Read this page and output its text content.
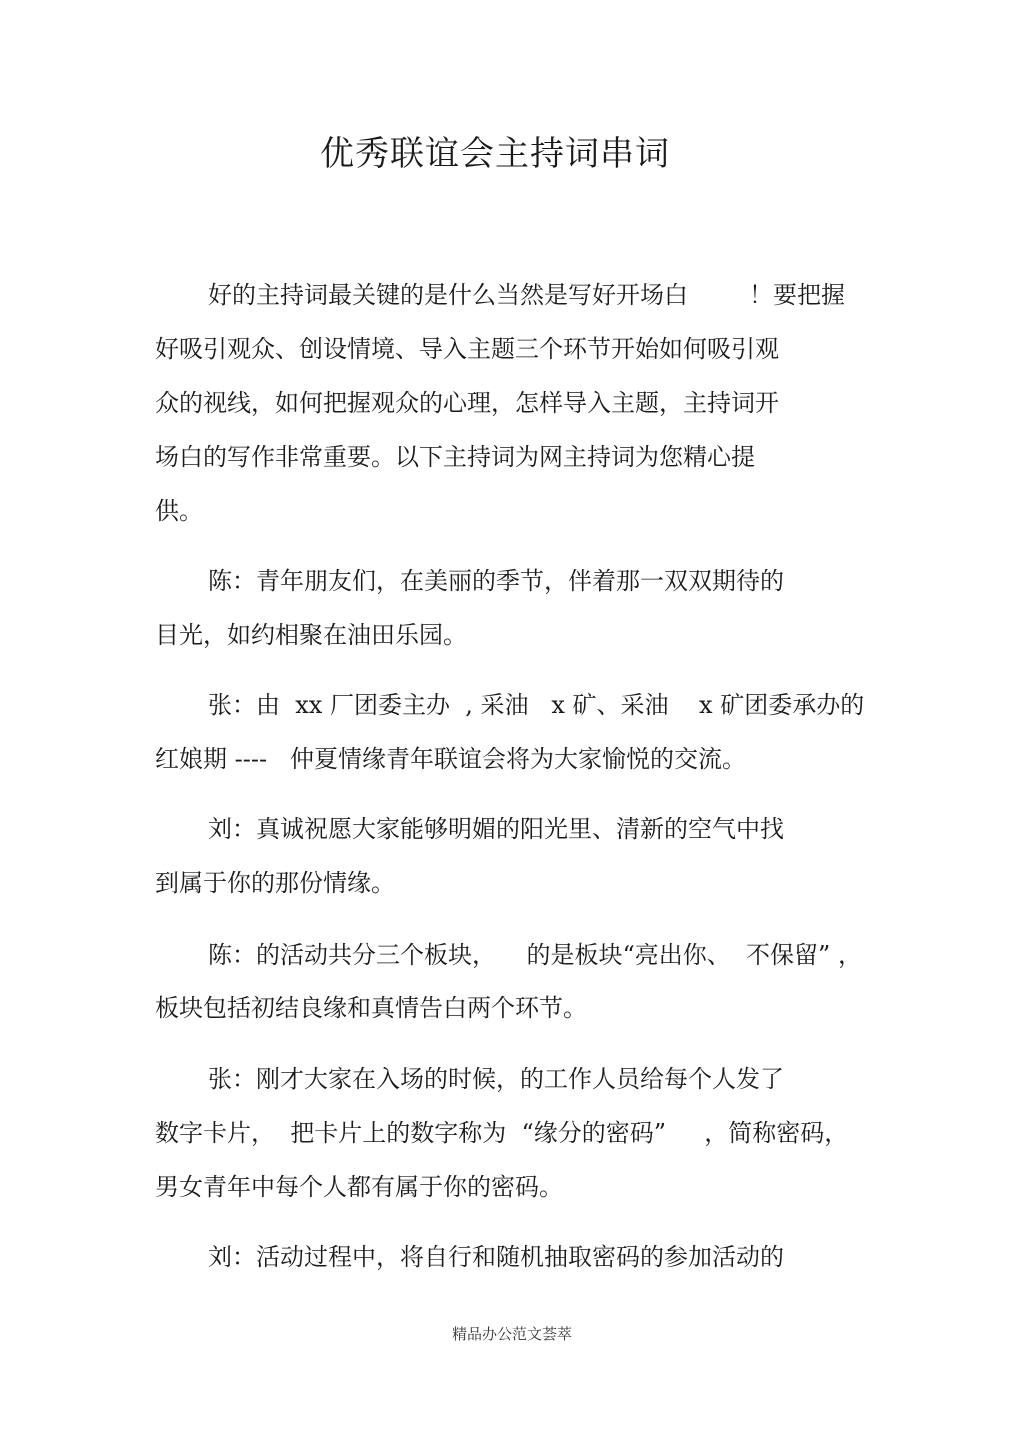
优秀联谊会主持词串词

好的主持词最关键的是什么当然是写好开场白        ！要把握

好吸引观众、创设情境、导入主题三个环节开始如何吸引观

众的视线，如何把握观众的心理，怎样导入主题，主持词开

场白的写作非常重要。以下主持词为网主持词为您精心提

供。

陈：青年朋友们，在美丽的季节，伴着那一双双期待的

目光，如约相聚在油田乐园。

张：由  xx 厂团委主办  , 采油   x 矿、采油    x 矿团委承办的

红娘期 ----   仲夏情缘青年联谊会将为大家愉悦的交流。

刘：真诚祝愿大家能够明媚的阳光里、清新的空气中找

到属于你的那份情缘。

陈：的活动共分三个板块，    的是板块“亮出你、  不保留” ，

板块包括初结良缘和真情告白两个环节。

张：刚才大家在入场的时候，的工作人员给每个人发了

数字卡片，  把卡片上的数字称为  “缘分的密码”     ，简称密码，

男女青年中每个人都有属于你的密码。

刘：活动过程中，将自行和随机抽取密码的参加活动的

精品办公范文荟萃
